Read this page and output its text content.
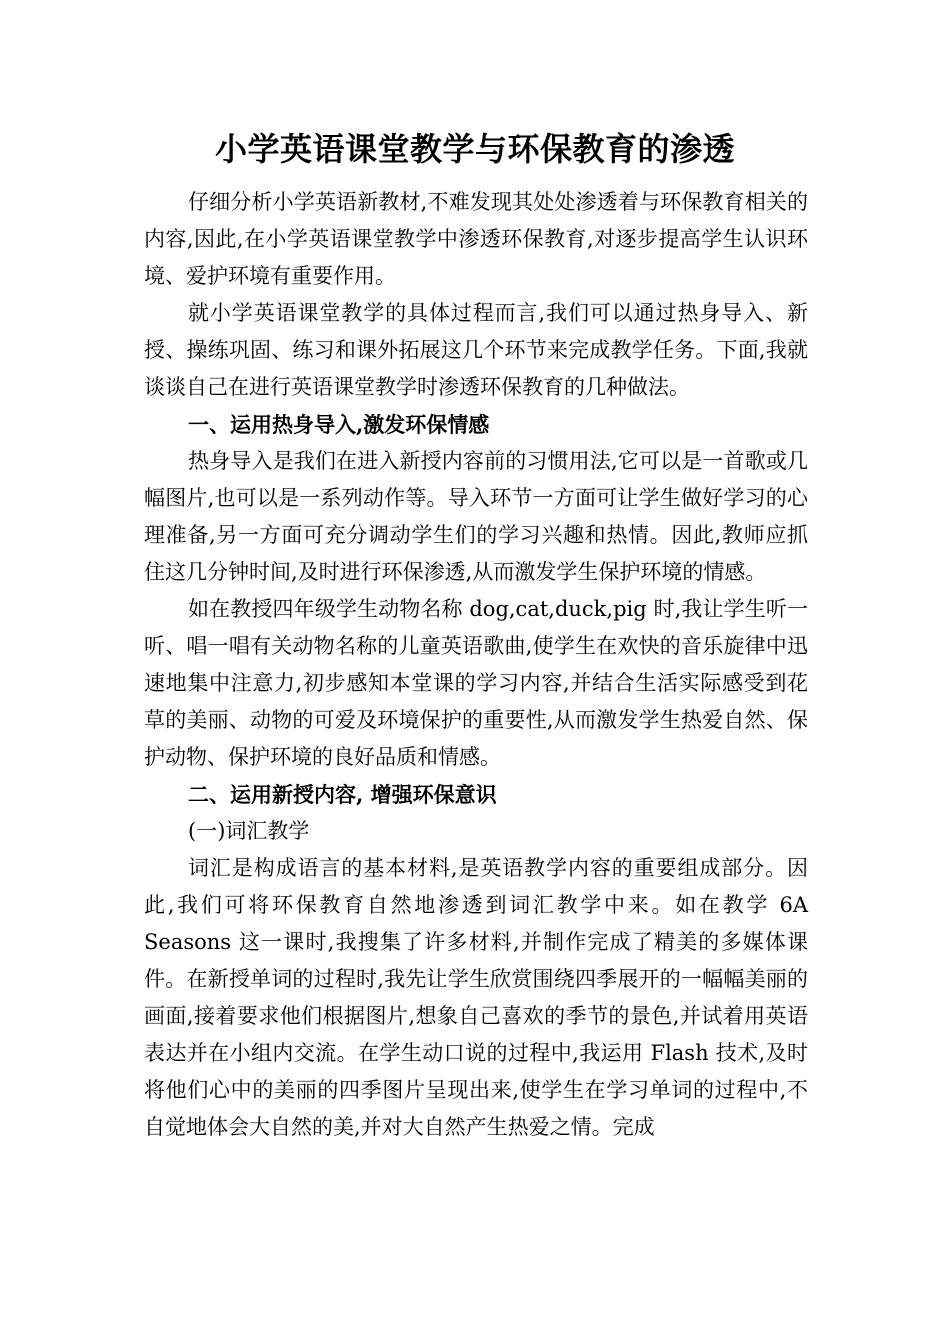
小学英语课堂教学与环保教育的渗透

仔细分析小学英语新教材,不难发现其处处渗透着与环保教育相关的内容,因此,在小学英语课堂教学中渗透环保教育,对逐步提高学生认识环境、爱护环境有重要作用。

就小学英语课堂教学的具体过程而言,我们可以通过热身导入、新授、操练巩固、练习和课外拓展这几个环节来完成教学任务。下面,我就谈谈自己在进行英语课堂教学时渗透环保教育的几种做法。

一、运用热身导入,激发环保情感

热身导入是我们在进入新授内容前的习惯用法,它可以是一首歌或几幅图片,也可以是一系列动作等。导入环节一方面可让学生做好学习的心理准备,另一方面可充分调动学生们的学习兴趣和热情。因此,教师应抓住这几分钟时间,及时进行环保渗透,从而激发学生保护环境的情感。

如在教授四年级学生动物名称 dog,cat,duck,pig 时,我让学生听一听、唱一唱有关动物名称的儿童英语歌曲,使学生在欢快的音乐旋律中迅速地集中注意力,初步感知本堂课的学习内容,并结合生活实际感受到花草的美丽、动物的可爱及环境保护的重要性,从而激发学生热爱自然、保护动物、保护环境的良好品质和情感。

二、运用新授内容, 增强环保意识

(一)词汇教学

词汇是构成语言的基本材料,是英语教学内容的重要组成部分。因此,我们可将环保教育自然地渗透到词汇教学中来。如在教学 6A Seasons 这一课时,我搜集了许多材料,并制作完成了精美的多媒体课件。在新授单词的过程时,我先让学生欣赏围绕四季展开的一幅幅美丽的画面,接着要求他们根据图片,想象自己喜欢的季节的景色,并试着用英语表达并在小组内交流。在学生动口说的过程中,我运用 Flash 技术,及时将他们心中的美丽的四季图片呈现出来,使学生在学习单词的过程中,不自觉地体会大自然的美,并对大自然产生热爱之情。完成
